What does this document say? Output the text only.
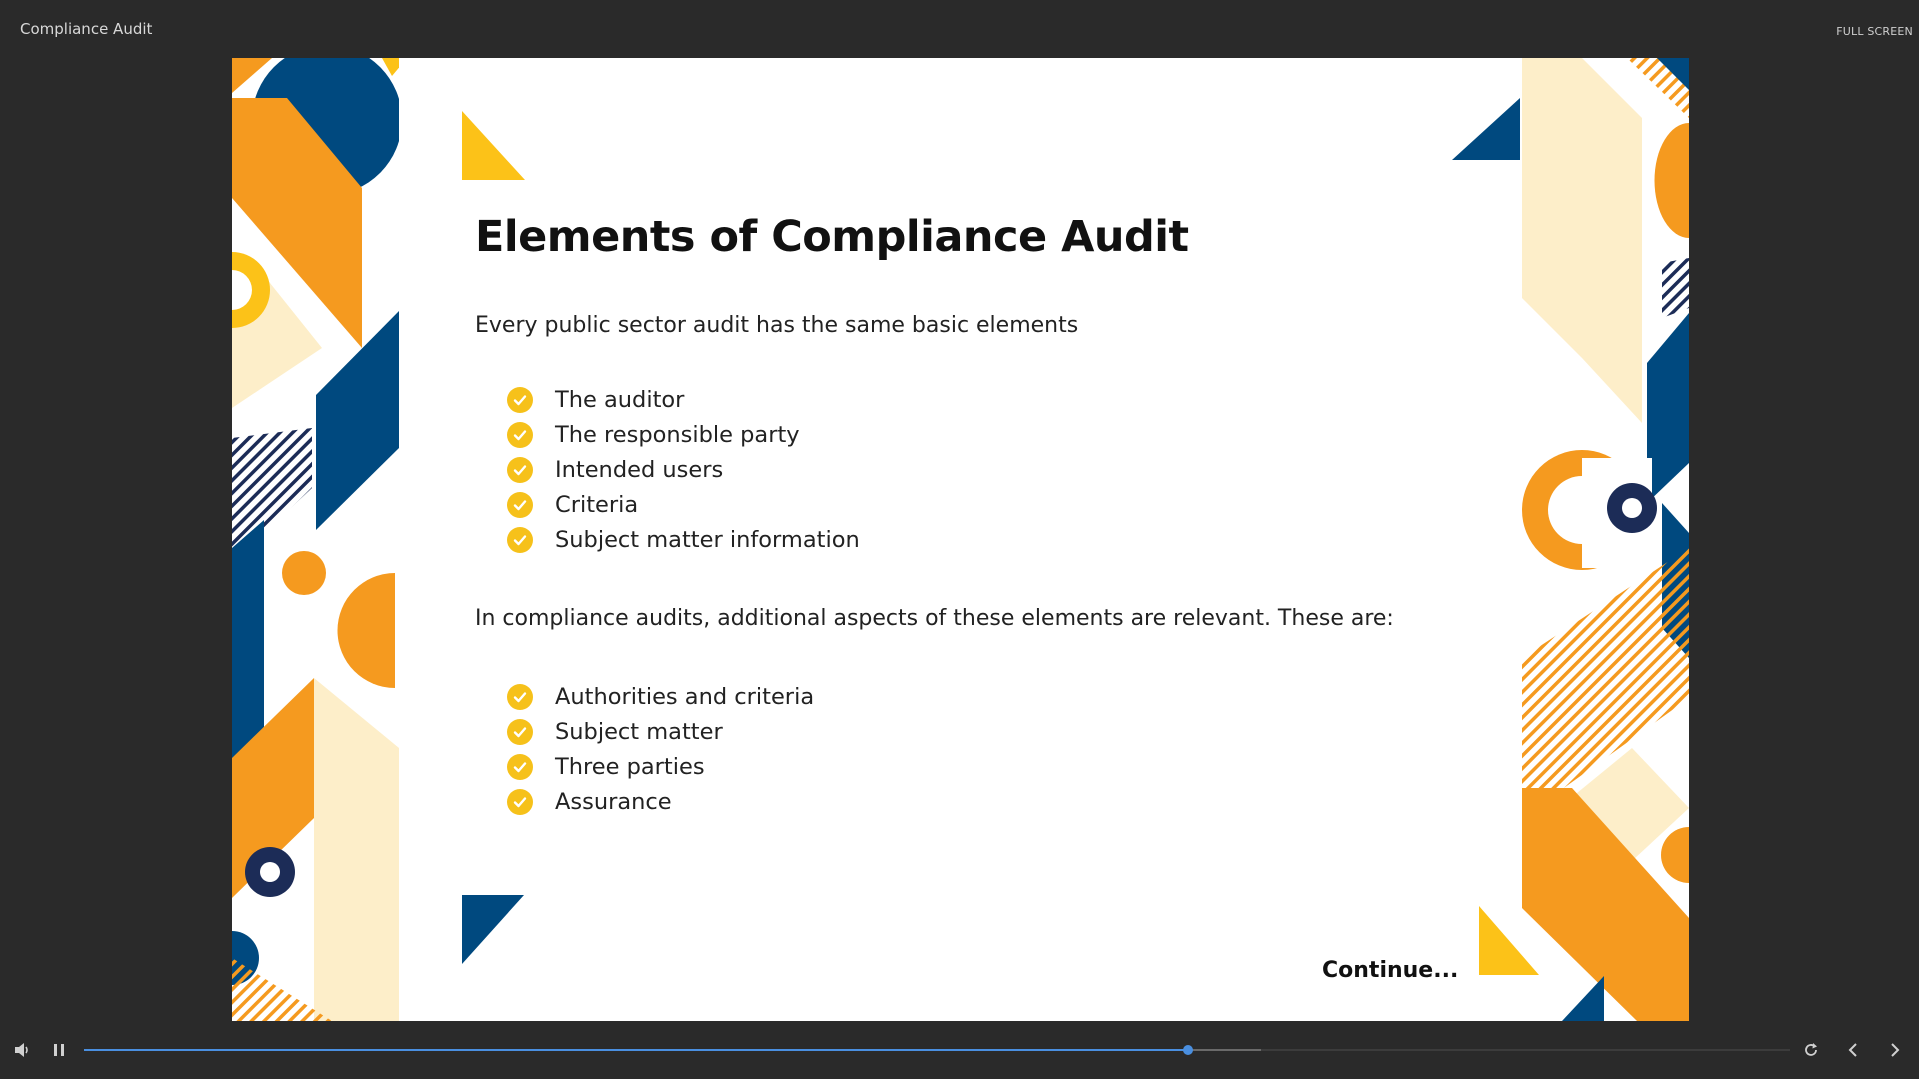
Compliance Audit	FULL SCREEN
Elements of Compliance Audit
Every public sector audit has the same basic elements
The auditor
The responsible party
Intended users
Criteria
Subject matter information
In compliance audits, additional aspects of these elements are relevant. These are:
Authorities and criteria
Subject matter
Three parties
Assurance
Continue...
